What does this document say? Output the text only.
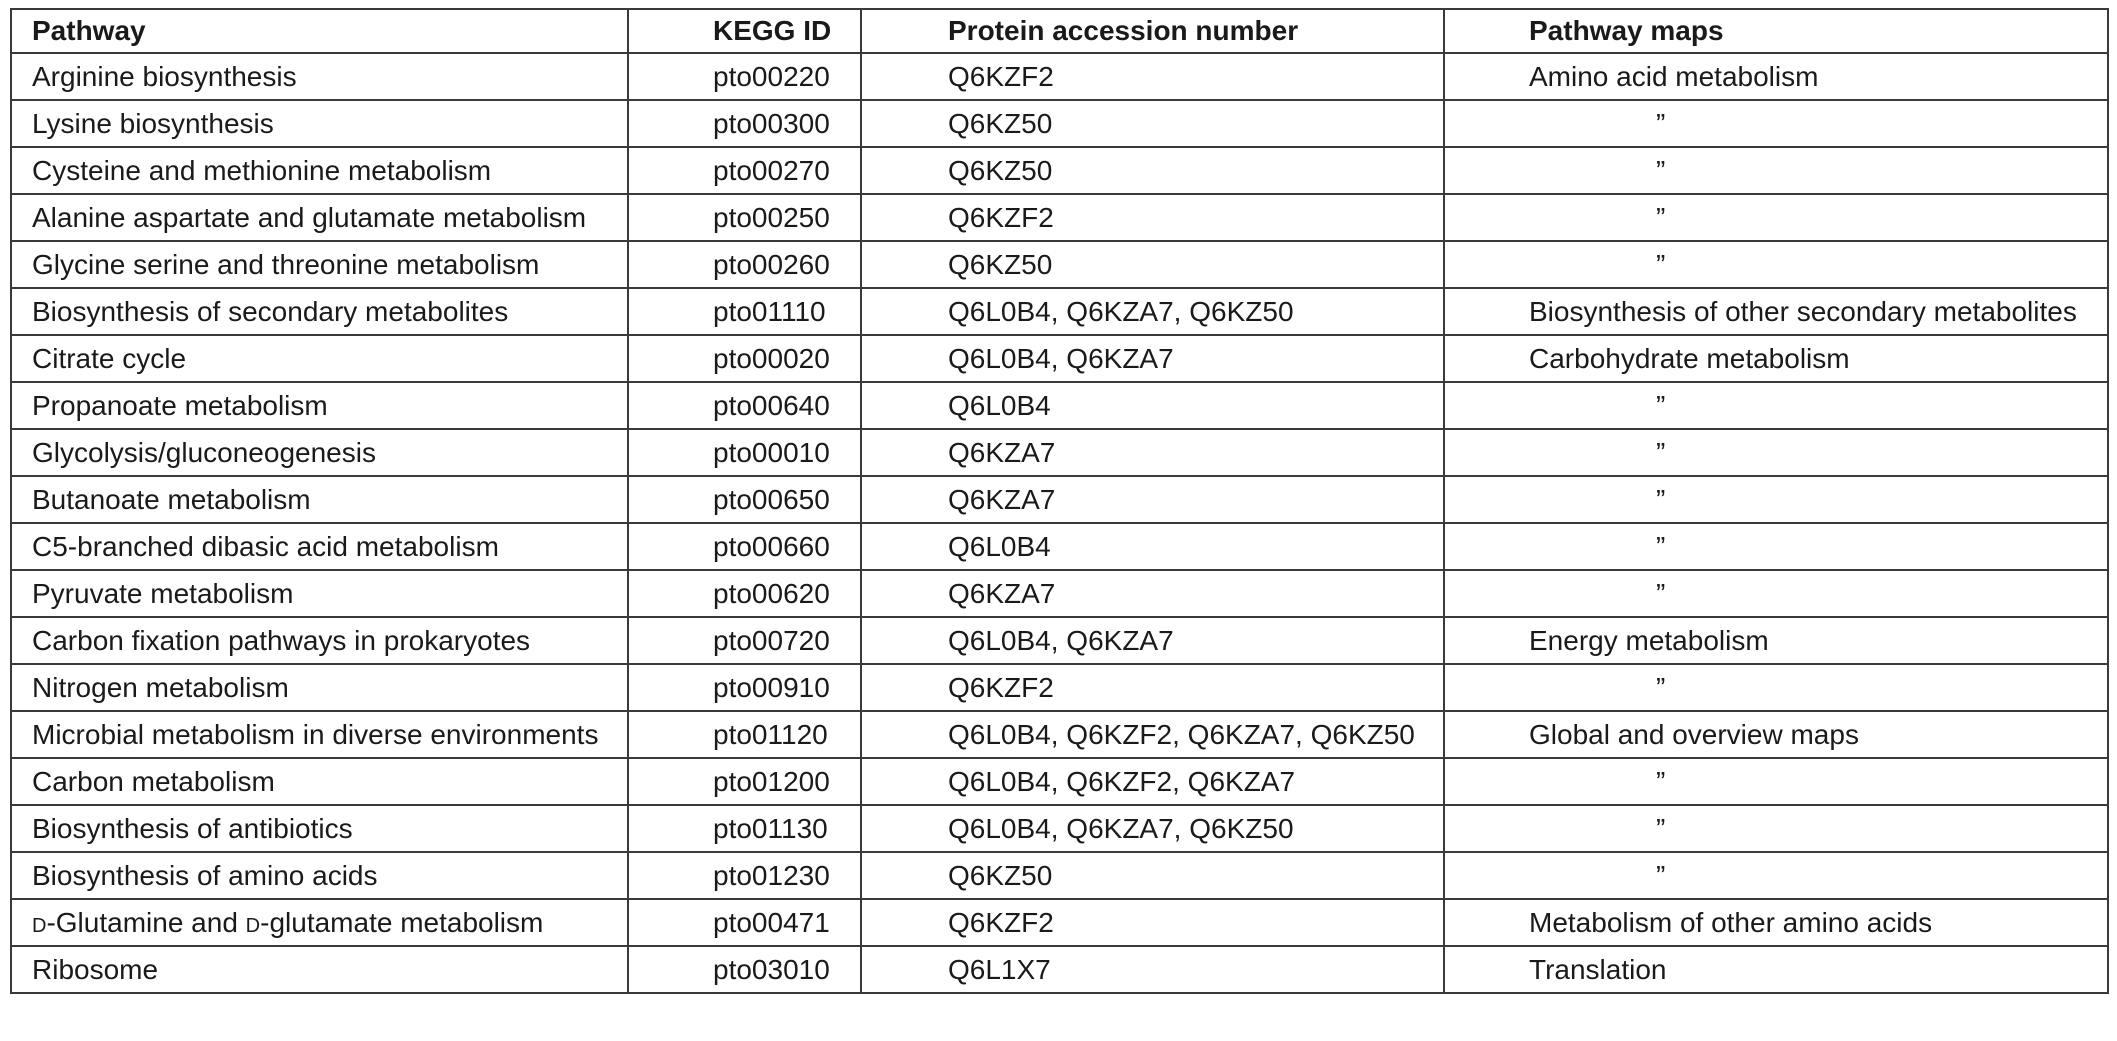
Pathway	KEGG ID	Protein accession number	Pathway maps
Arginine biosynthesis	pto00220	Q6KZF2	Amino acid metabolism
Lysine biosynthesis	pto00300	Q6KZ50	”
Cysteine and methionine metabolism	pto00270	Q6KZ50	”
Alanine aspartate and glutamate metabolism	pto00250	Q6KZF2	”
Glycine serine and threonine metabolism	pto00260	Q6KZ50	”
Biosynthesis of secondary metabolites	pto01110	Q6L0B4, Q6KZA7, Q6KZ50	Biosynthesis of other secondary metabolites
Citrate cycle	pto00020	Q6L0B4, Q6KZA7	Carbohydrate metabolism
Propanoate metabolism	pto00640	Q6L0B4	”
Glycolysis/gluconeogenesis	pto00010	Q6KZA7	”
Butanoate metabolism	pto00650	Q6KZA7	”
C5-branched dibasic acid metabolism	pto00660	Q6L0B4	”
Pyruvate metabolism	pto00620	Q6KZA7	”
Carbon fixation pathways in prokaryotes	pto00720	Q6L0B4, Q6KZA7	Energy metabolism
Nitrogen metabolism	pto00910	Q6KZF2	”
Microbial metabolism in diverse environments	pto01120	Q6L0B4, Q6KZF2, Q6KZA7, Q6KZ50	Global and overview maps
Carbon metabolism	pto01200	Q6L0B4, Q6KZF2, Q6KZA7	”
Biosynthesis of antibiotics	pto01130	Q6L0B4, Q6KZA7, Q6KZ50	”
Biosynthesis of amino acids	pto01230	Q6KZ50	”
d-Glutamine and d-glutamate metabolism	pto00471	Q6KZF2	Metabolism of other amino acids
Ribosome	pto03010	Q6L1X7	Translation
